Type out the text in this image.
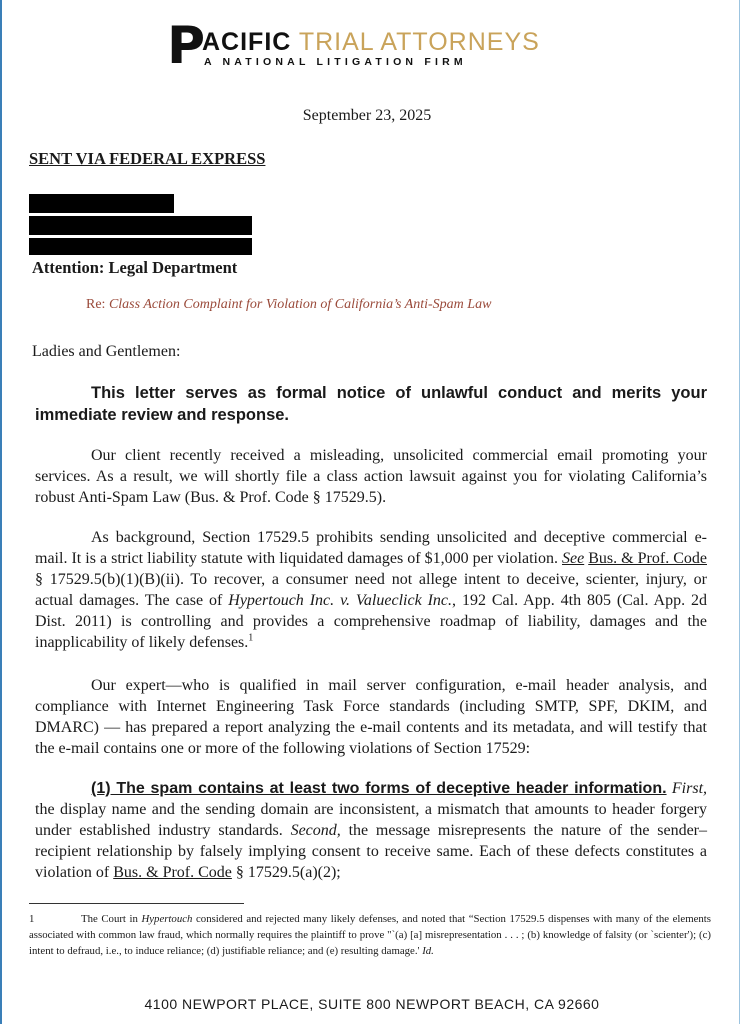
P
ACIFIC TRIAL ATTORNEYS
A NATIONAL LITIGATION FIRM
September 23, 2025
SENT VIA FEDERAL EXPRESS
Attention: Legal Department
Re: Class Action Complaint for Violation of California’s Anti-Spam Law
Ladies and Gentlemen:
This letter serves as formal notice of unlawful conduct and merits your immediate review and response.
Our client recently received a misleading, unsolicited commercial email promoting your services. As a result, we will shortly file a class action lawsuit against you for violating California’s robust Anti-Spam Law (Bus. & Prof. Code § 17529.5).
As background, Section 17529.5 prohibits sending unsolicited and deceptive commercial e-mail. It is a strict liability statute with liquidated damages of $1,000 per violation. See Bus. & Prof. Code § 17529.5(b)(1)(B)(ii). To recover, a consumer need not allege intent to deceive, scienter, injury, or actual damages. The case of Hypertouch Inc. v. Valueclick Inc., 192 Cal. App. 4th 805 (Cal. App. 2d Dist. 2011) is controlling and provides a comprehensive roadmap of liability, damages and the inapplicability of likely defenses.$^1$
Our expert—who is qualified in mail server configuration, e-mail header analysis, and compliance with Internet Engineering Task Force standards (including SMTP, SPF, DKIM, and DMARC) — has prepared a report analyzing the e-mail contents and its metadata, and will testify that the e-mail contains one or more of the following violations of Section 17529:
(1) The spam contains at least two forms of deceptive header information. First, the display name and the sending domain are inconsistent, a mismatch that amounts to header forgery under established industry standards. Second, the message misrepresents the nature of the sender–recipient relationship by falsely implying consent to receive same. Each of these defects constitutes a violation of Bus. & Prof. Code § 17529.5(a)(2);
1	The Court in Hypertouch considered and rejected many likely defenses, and noted that “Section 17529.5 dispenses with many of the elements associated with common law fraud, which normally requires the plaintiff to prove "`(a) [a] misrepresentation . . . ; (b) knowledge of falsity (or `scienter'); (c) intent to defraud, i.e., to induce reliance; (d) justifiable reliance; and (e) resulting damage.' Id.
4100 NEWPORT PLACE, SUITE 800 NEWPORT BEACH, CA 92660
